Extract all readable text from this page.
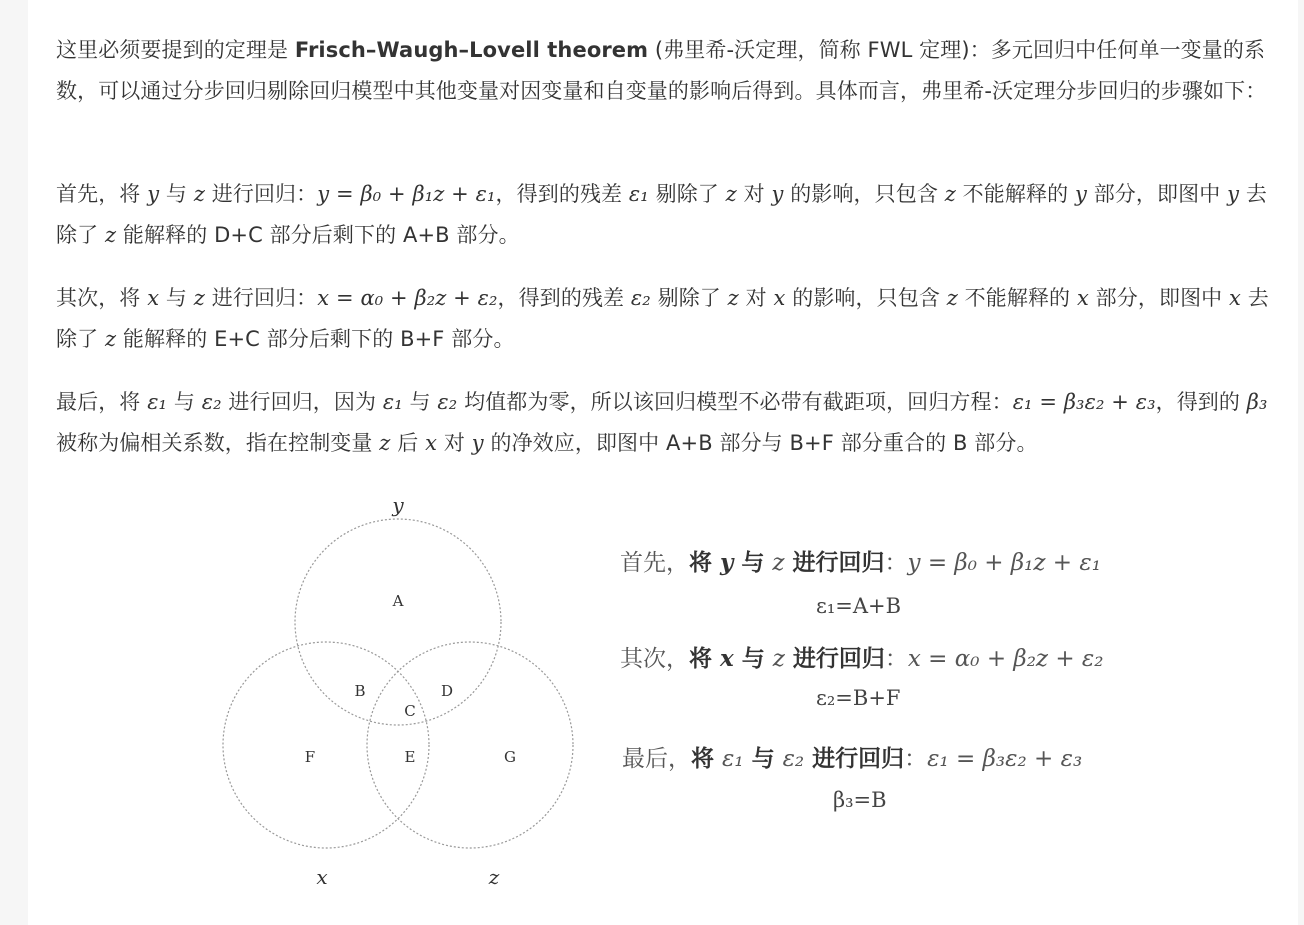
这里必须要提到的定理是 Frisch–Waugh–Lovell theorem (弗里希-沃定理，简称 FWL 定理)：多元回归中任何单一变量的系数，可以通过分步回归剔除回归模型中其他变量对因变量和自变量的影响后得到。具体而言，弗里希-沃定理分步回归的步骤如下：
首先，将 y 与 z 进行回归：y = β₀ + β₁z + ε₁，得到的残差 ε₁ 剔除了 z 对 y 的影响，只包含 z 不能解释的 y 部分，即图中 y 去除了 z 能解释的 D+C 部分后剩下的 A+B 部分。
其次，将 x 与 z 进行回归：x = α₀ + β₂z + ε₂，得到的残差 ε₂ 剔除了 z 对 x 的影响，只包含 z 不能解释的 x 部分，即图中 x 去除了 z 能解释的 E+C 部分后剩下的 B+F 部分。
最后，将 ε₁ 与 ε₂ 进行回归，因为 ε₁ 与 ε₂ 均值都为零，所以该回归模型不必带有截距项，回归方程：ε₁ = β₃ε₂ + ε₃，得到的 β₃ 被称为偏相关系数，指在控制变量 z 后 x 对 y 的净效应，即图中 A+B 部分与 B+F 部分重合的 B 部分。
A
B
C
D
E
F	G
y
x	z
首先，将 y 与 z 进行回归：y = β₀ + β₁z + ε₁
ε₁=A+B
其次，将 x 与 z 进行回归：x = α₀ + β₂z + ε₂
ε₂=B+F
最后，将 ε₁ 与 ε₂ 进行回归：ε₁ = β₃ε₂ + ε₃
β₃=B
